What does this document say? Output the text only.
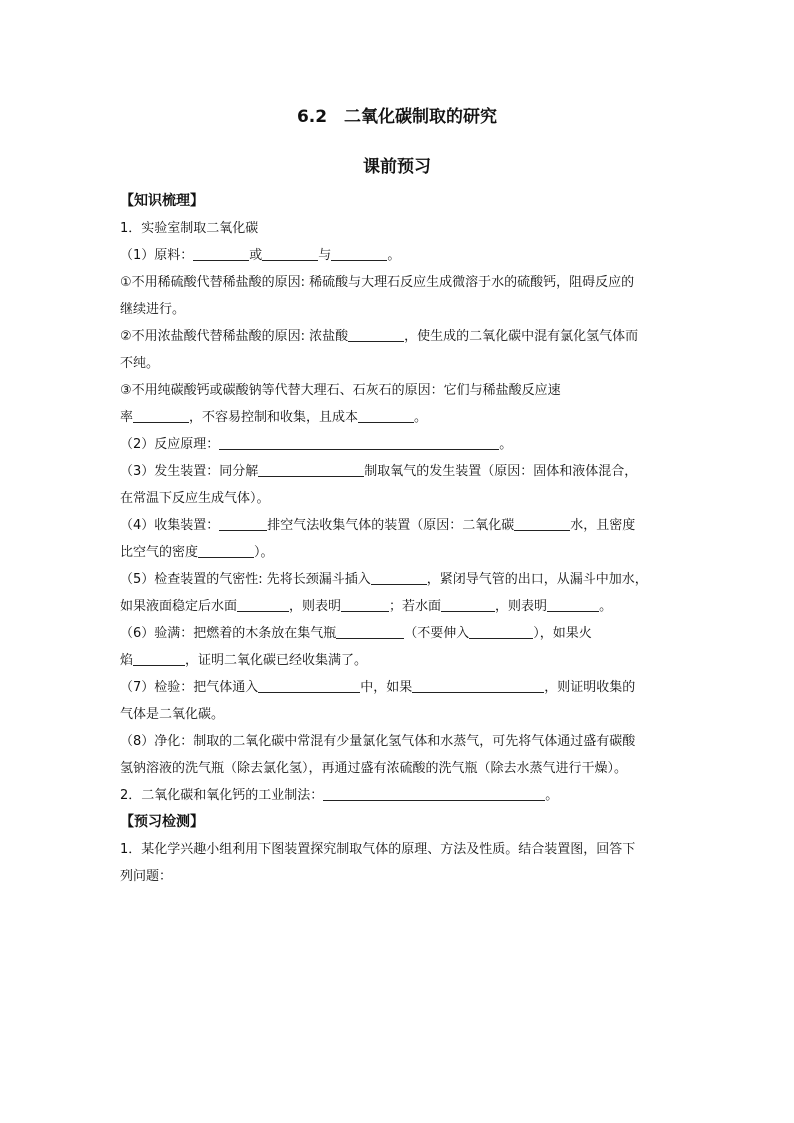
6.2　二氧化碳制取的研究
课前预习
【知识梳理】
1．实验室制取二氧化碳
（1）原料：	或	与	。
①不用稀硫酸代替稀盐酸的原因: 稀硫酸与大理石反应生成微溶于水的硫酸钙，阻碍反应的
继续进行。
②不用浓盐酸代替稀盐酸的原因: 浓盐酸	，使生成的二氧化碳中混有氯化氢气体而
不纯。
③不用纯碳酸钙或碳酸钠等代替大理石、石灰石的原因：它们与稀盐酸反应速
率	，不容易控制和收集，且成本	。
（2）反应原理：	。
（3）发生装置：同分解	制取氧气的发生装置（原因：固体和液体混合，
在常温下反应生成气体）。
（4）收集装置：	排空气法收集气体的装置（原因：二氧化碳	水，且密度
比空气的密度	）。
（5）检查装置的气密性: 先将长颈漏斗插入	，紧闭导气管的出口，从漏斗中加水，
如果液面稳定后水面	，则表明	；若水面	，则表明	。
（6）验满：把燃着的木条放在集气瓶	（不要伸入	），如果火
焰	，证明二氧化碳已经收集满了。
（7）检验：把气体通入	中，如果	，则证明收集的
气体是二氧化碳。
（8）净化：制取的二氧化碳中常混有少量氯化氢气体和水蒸气，可先将气体通过盛有碳酸
氢钠溶液的洗气瓶（除去氯化氢），再通过盛有浓硫酸的洗气瓶（除去水蒸气进行干燥）。
2．二氧化碳和氧化钙的工业制法：	。
【预习检测】
1．某化学兴趣小组利用下图装置探究制取气体的原理、方法及性质。结合装置图，回答下
列问题：
